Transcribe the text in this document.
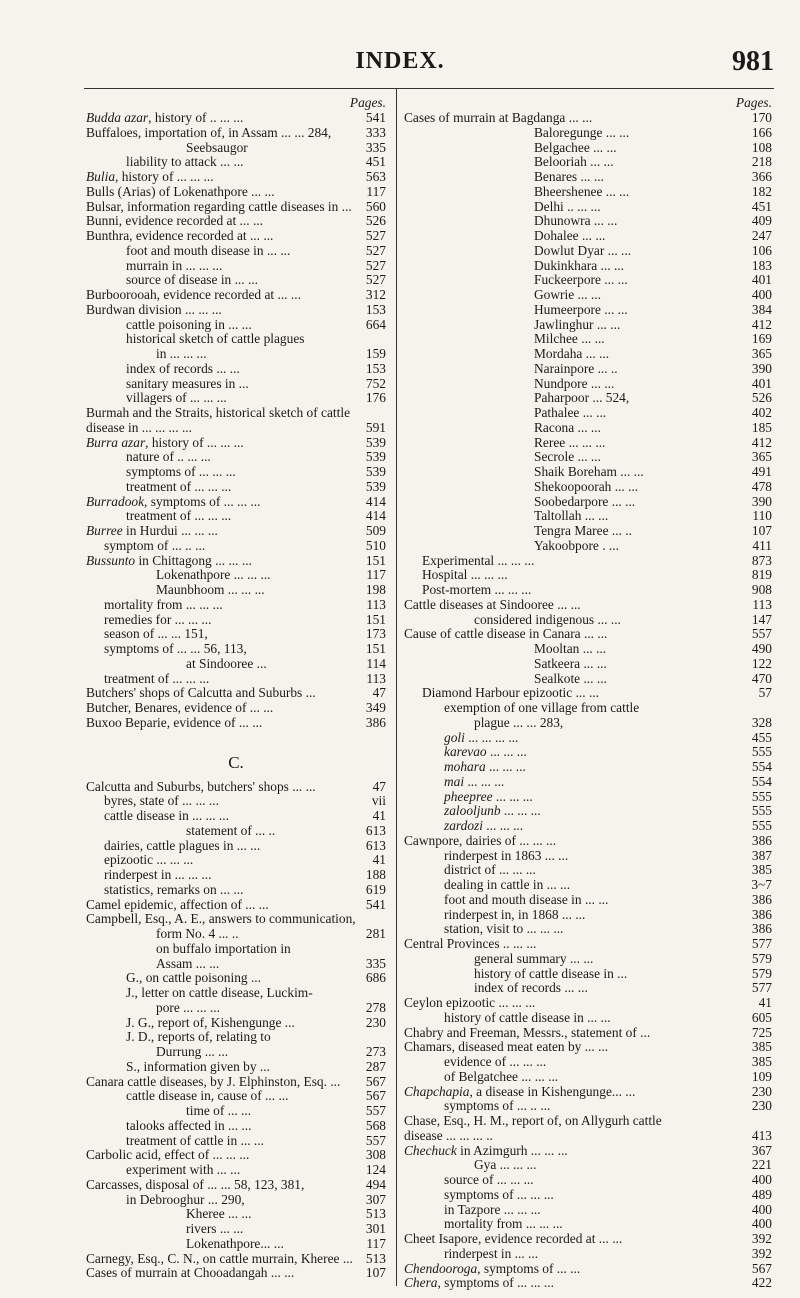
INDEX.	981
Pages.
Budda azar, history of .. ... ...	541
Buffaloes, importation of, in Assam ... ... 284,	333
Seebsaugor	335
liability to attack ... ...	451
Bulia, history of ... ... ...	563
Bulls (Arias) of Lokenathpore ... ...	117
Bulsar, information regarding cattle diseases in ... 560
Bunni, evidence recorded at ... ...	526
Bunthra, evidence recorded at ... ...	527
foot and mouth disease in ... ...	527
murrain in ... ... ...	527
source of disease in ... ...	527
Burboorooah, evidence recorded at ... ...	312
Burdwan division ... ... ...	153
cattle poisoning in ... ...	664
historical sketch of cattle plagues
in ... ... ...	159
index of records ... ...	153
sanitary measures in ...	752
villagers of ... ... ...	176
Burmah and the Straits, historical sketch of cattle
disease in ... ... ... ...	591
Burra azar, history of ... ... ...	539
nature of .. ... ...	539
symptoms of ... ... ...	539
treatment of ... ... ...	539
Burradook, symptoms of ... ... ...	414
treatment of ... ... ...	414
Burree in Hurdui ... ... ...	509
symptom of ... .. ...	510
Bussunto in Chittagong ... ... ...	151
Lokenathpore ... ... ...	117
Maunbhoom ... ... ...	198
mortality from ... ... ...	113
remedies for ... ... ...	151
season of ... ... 151,	173
symptoms of ... ... 56, 113,	151
at Sindooree ...	114
treatment of ... ... ...	113
Butchers' shops of Calcutta and Suburbs ...	47
Butcher, Benares, evidence of ... ...	349
Buxoo Beparie, evidence of ... ...	386
C.
Calcutta and Suburbs, butchers' shops ... ...	47
byres, state of ... ... ...	vii
cattle disease in ... ... ...	41
statement of ... ..	613
dairies, cattle plagues in ... ...	613
epizootic ... ... ...	41
rinderpest in ... ... ...	188
statistics, remarks on ... ...	619
Camel epidemic, affection of ... ...	541
Campbell, Esq., A. E., answers to communication,
form No. 4 ... ..	281
on buffalo importation in
Assam ... ...	335
G., on cattle poisoning ...	686
J., letter on cattle disease, Luckim-
pore ... ... ...	278
J. G., report of, Kishengunge ...	230
J. D., reports of, relating to
Durrung ... ...	273
S., information given by ...	287
Canara cattle diseases, by J. Elphinston, Esq. ... 567
cattle disease in, cause of ... ...	567
time of ... ...	557
talooks affected in ... ...	568
treatment of cattle in ... ...	557
Carbolic acid, effect of ... ... ...	308
experiment with ... ...	124
Carcasses, disposal of ... ... 58, 123, 381,	494
in Debrooghur ... 290,	307
Kheree ... ...	513
rivers ... ...	301
Lokenathpore... ...	117
Carnegy, Esq., C. N., on cattle murrain, Kheree ... 513
Cases of murrain at Chooadangah ... ...	107
Pages.
Cases of murrain at Bagdanga ... ...	170
Baloregunge ... ...	166
Belgachee ... ...	108
Belooriah ... ...	218
Benares ... ...	366
Bheershenee ... ...	182
Delhi .. ... ...	451
Dhunowra ... ...	409
Dohalee ... ...	247
Dowlut Dyar ... ...	106
Dukinkhara ... ...	183
Fuckeerpore ... ...	401
Gowrie ... ...	400
Humeerpore ... ...	384
Jawlinghur ... ...	412
Milchee ... ...	169
Mordaha ... ...	365
Narainpore ... ..	390
Nundpore ... ...	401
Paharpoor ... 524,	526
Pathalee ... ...	402
Racona ... ...	185
Reree ... ... ...	412
Secrole ... ...	365
Shaik Boreham ... ...	491
Shekoopoorah ... ...	478
Soobedarpore ... ...	390
Taltollah ... ...	110
Tengra Maree ... ..	107
Yakoobpore . ...	411
Experimental ... ... ...	873
Hospital ... ... ...	819
Post-mortem ... ... ...	908
Cattle diseases at Sindooree ... ...	113
considered indigenous ... ...	147
Cause of cattle disease in Canara ... ...	557
Mooltan ... ...	490
Satkeera ... ...	122
Sealkote ... ...	470
Diamond Harbour epizootic ... ...	57
exemption of one village from cattle
plague ... ... 283,	328
goli ... ... ... ...	455
karevao ... ... ...	555
mohara ... ... ...	554
mai ... ... ...	554
pheepree ... ... ...	555
zalooljunb ... ... ...	555
zardozi ... ... ...	555
Cawnpore, dairies of ... ... ...	386
rinderpest in 1863 ... ...	387
district of ... ... ...	385
dealing in cattle in ... ...	3~7
foot and mouth disease in ... ...	386
rinderpest in, in 1868 ... ...	386
station, visit to ... ... ...	386
Central Provinces .. ... ...	577
general summary ... ...	579
history of cattle disease in ...	579
index of records ... ...	577
Ceylon epizootic ... ... ...	41
history of cattle disease in ... ...	605
Chabry and Freeman, Messrs., statement of ...	725
Chamars, diseased meat eaten by ... ...	385
evidence of ... ... ...	385
of Belgatchee ... ... ...	109
Chapchapia, a disease in Kishengunge... ...	230
symptoms of ... .. ...	230
Chase, Esq., H. M., report of, on Allygurh cattle
disease ... ... ... ..	413
Chechuck in Azimgurh ... ... ...	367
Gya ... ... ...	221
source of ... ... ...	400
symptoms of ... ... ...	489
in Tazpore ... ... ...	400
mortality from ... ... ...	400
Cheet Isapore, evidence recorded at ... ...	392
rinderpest in ... ...	392
Chendooroga, symptoms of ... ...	567
Chera, symptoms of ... ... ...	422
